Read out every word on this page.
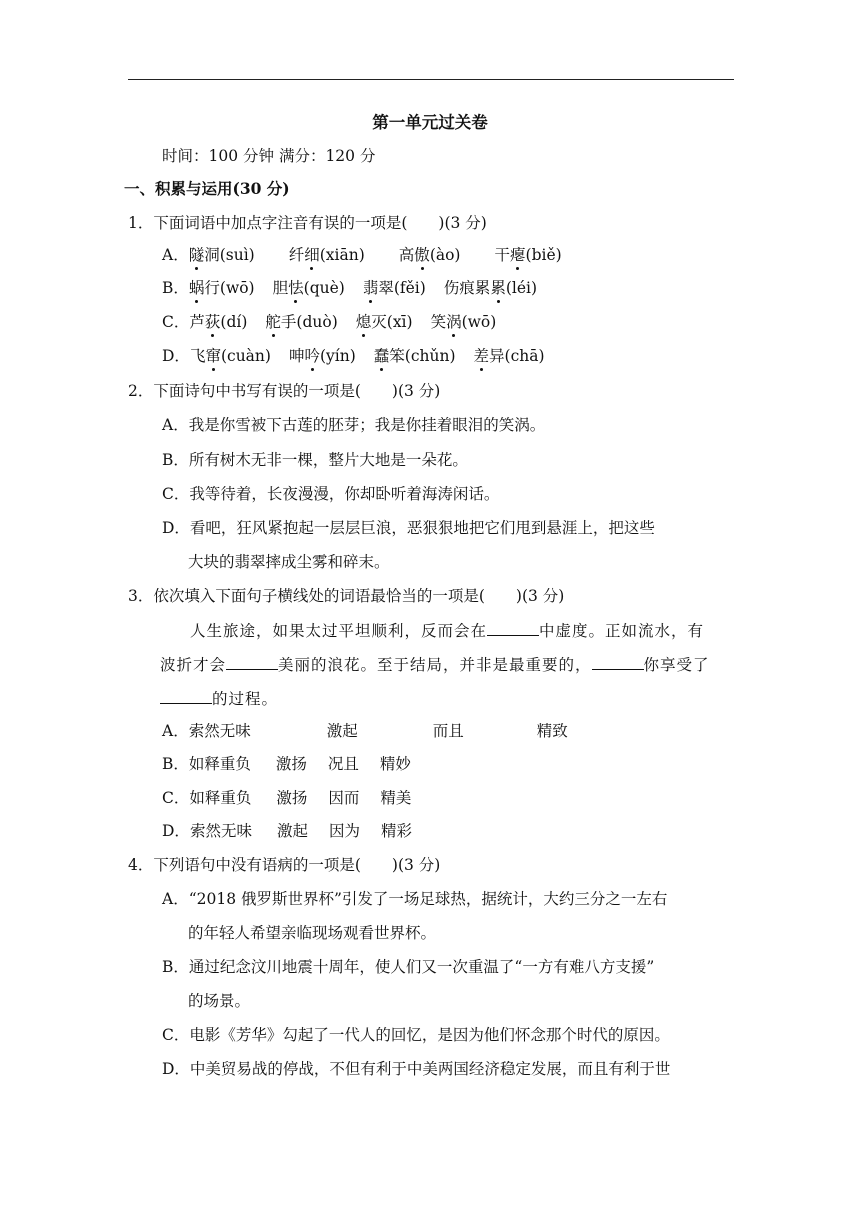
第一单元过关卷
时间：100 分钟 满分：120 分
一、积累与运用(30 分)
1．下面词语中加点字注音有误的一项是(　　)(3 分)
A．隧洞(suì) 纤细(xiān) 高傲(ào) 干瘪(biě)
B．蜗行(wō) 胆怯(què) 翡翠(fěi) 伤痕累累(léi)
C．芦荻(dí) 舵手(duò) 熄灭(xī) 笑涡(wō)
D．飞窜(cuàn) 呻吟(yín) 蠢笨(chǔn) 差异(chā)
2．下面诗句中书写有误的一项是(　　)(3 分)
A．我是你雪被下古莲的胚芽；我是你挂着眼泪的笑涡。
B．所有树木无非一棵，整片大地是一朵花。
C．我等待着，长夜漫漫，你却卧听着海涛闲话。
D．看吧，狂风紧抱起一层层巨浪，恶狠狠地把它们甩到悬涯上，把这些
大块的翡翠摔成尘雾和碎末。
3．依次填入下面句子横线处的词语最恰当的一项是(　　)(3 分)
人生旅途，如果太过平坦顺利，反而会在	中虚度。正如流水，有
波折才会	美丽的浪花。至于结局，并非是最重要的，	你享受了
的过程。
A．索然无味	激起	而且	精致
B．如释重负 激扬 况且 精妙
C．如释重负 激扬 因而 精美
D．索然无味 激起 因为 精彩
4．下列语句中没有语病的一项是(　　)(3 分)
A．“2018 俄罗斯世界杯”引发了一场足球热，据统计，大约三分之一左右
的年轻人希望亲临现场观看世界杯。
B．通过纪念汶川地震十周年，使人们又一次重温了“一方有难八方支援”
的场景。
C．电影《芳华》勾起了一代人的回忆，是因为他们怀念那个时代的原因。
D．中美贸易战的停战，不但有利于中美两国经济稳定发展，而且有利于世
